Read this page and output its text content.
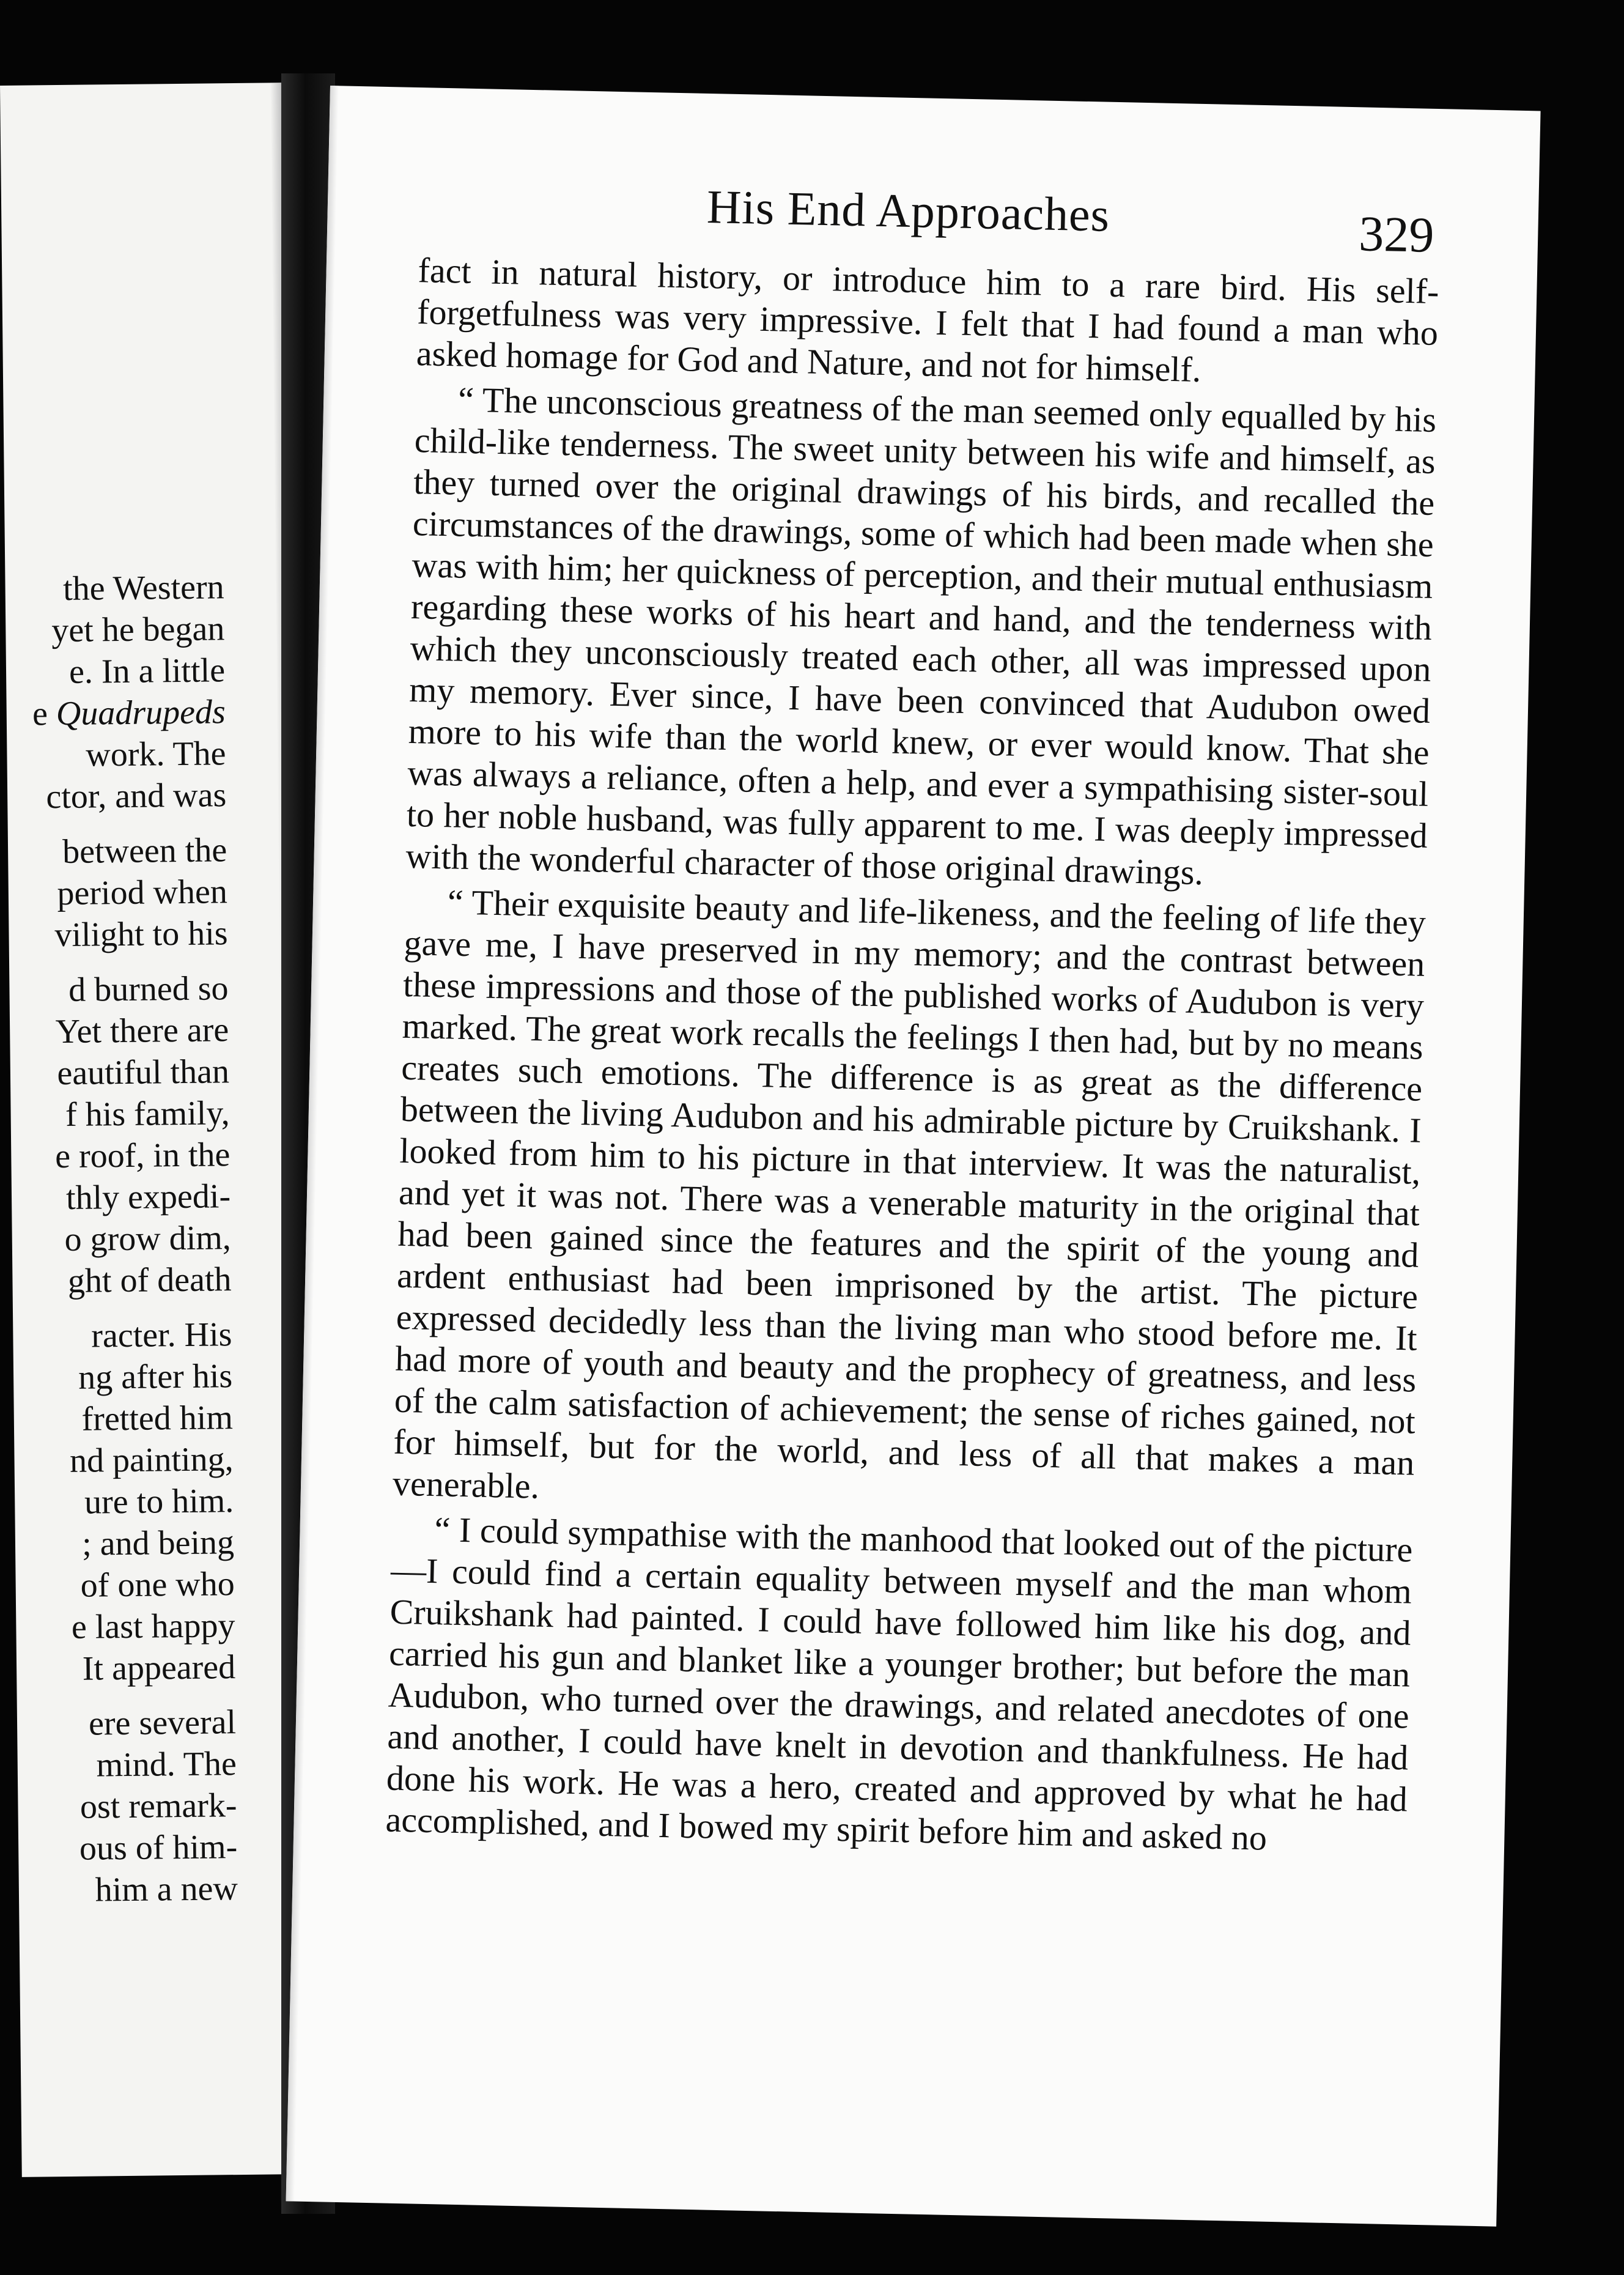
the Western
yet he began
e. In a little
e Quadrupeds
work. The
ctor, and was
between the
period when
vilight to his
d burned so
Yet there are
eautiful than
f his family,
e roof, in the
thly expedi-
o grow dim,
ght of death
racter. His
ng after his
fretted him
nd painting,
ure to him.
; and being
of one who
e last happy
It appeared
ere several
mind. The
ost remark-
ous of him-
him a new
His End Approaches	329

fact in natural history, or introduce him to a rare bird. His self-forgetfulness was very impressive. I felt that I had found a man who asked homage for God and Nature, and not for himself.

“ The unconscious greatness of the man seemed only equalled by his child-like tenderness. The sweet unity between his wife and himself, as they turned over the original drawings of his birds, and recalled the circumstances of the drawings, some of which had been made when she was with him; her quickness of perception, and their mutual enthusiasm regarding these works of his heart and hand, and the tenderness with which they unconsciously treated each other, all was impressed upon my memory. Ever since, I have been convinced that Audubon owed more to his wife than the world knew, or ever would know. That she was always a reliance, often a help, and ever a sympathising sister-soul to her noble husband, was fully apparent to me. I was deeply impressed with the wonderful character of those original drawings.

“ Their exquisite beauty and life-likeness, and the feeling of life they gave me, I have preserved in my memory; and the contrast between these impressions and those of the published works of Audubon is very marked. The great work recalls the feelings I then had, but by no means creates such emotions. The difference is as great as the difference between the living Audubon and his admirable picture by Cruikshank. I looked from him to his picture in that interview. It was the naturalist, and yet it was not. There was a venerable maturity in the original that had been gained since the features and the spirit of the young and ardent enthusiast had been imprisoned by the artist. The picture expressed decidedly less than the living man who stood before me. It had more of youth and beauty and the prophecy of greatness, and less of the calm satisfaction of achievement; the sense of riches gained, not for himself, but for the world, and less of all that makes a man venerable.

“ I could sympathise with the manhood that looked out of the picture—I could find a certain equality between myself and the man whom Cruikshank had painted. I could have followed him like his dog, and carried his gun and blanket like a younger brother; but before the man Audubon, who turned over the drawings, and related anecdotes of one and another, I could have knelt in devotion and thankfulness. He had done his work. He was a hero, created and approved by what he had accomplished, and I bowed my spirit before him and asked no
